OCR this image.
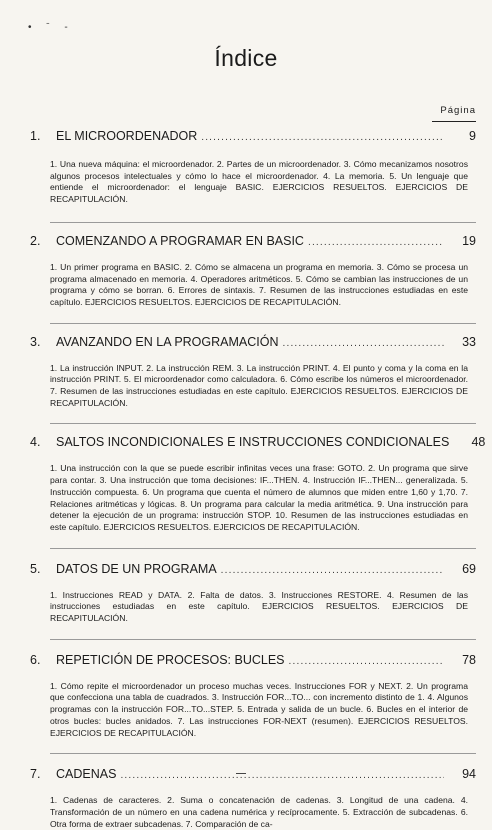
• ˉ -
Índice
Página
1.	EL MICROORDENADOR .....	9

1. Una nueva máquina: el microordenador. 2. Partes de un microordenador. 3. Cómo mecanizamos nosotros algunos procesos intelectuales y cómo lo hace el microordenador. 4. La memoria. 5. Un lenguaje que entiende el microordenador: el lenguaje BASIC. EJERCICIOS RESUELTOS. EJERCICIOS DE RECAPITULACIÓN.

2.	COMENZANDO A PROGRAMAR EN BASIC .....	19

1. Un primer programa en BASIC. 2. Cómo se almacena un programa en memoria. 3. Cómo se procesa un programa almacenado en memoria. 4. Operadores aritméticos. 5. Cómo se cambian las instrucciones de un programa y cómo se borran. 6. Errores de sintaxis. 7. Resumen de las instrucciones estudiadas en este capítulo. EJERCICIOS RESUELTOS. EJERCICIOS DE RECAPITULACIÓN.

3.	AVANZANDO EN LA PROGRAMACIÓN .....	33

1. La instrucción INPUT. 2. La instrucción REM. 3. La instrucción PRINT. 4. El punto y coma y la coma en la instrucción PRINT. 5. El microordenador como calculadora. 6. Cómo escribe los números el microordenador. 7. Resumen de las instrucciones estudiadas en este capítulo. EJERCICIOS RESUELTOS. EJERCICIOS DE RECAPITULACIÓN.

4.	SALTOS INCONDICIONALES E INSTRUCCIONES CONDICIONALES	48

1. Una instrucción con la que se puede escribir infinitas veces una frase: GOTO. 2. Un programa que sirve para contar. 3. Una instrucción que toma decisiones: IF...THEN. 4. Instrucción IF...THEN... generalizada. 5. Instrucción compuesta. 6. Un programa que cuenta el número de alumnos que miden entre 1,60 y 1,70. 7. Relaciones aritméticas y lógicas. 8. Un programa para calcular la media aritmética. 9. Una instrucción para detener la ejecución de un programa: instrucción STOP. 10. Resumen de las instrucciones estudiadas en este capítulo. EJERCICIOS RESUELTOS. EJERCICIOS DE RECAPITULACIÓN.

5.	DATOS DE UN PROGRAMA .....	69

1. Instrucciones READ y DATA. 2. Falta de datos. 3. Instrucciones RESTORE. 4. Resumen de las instrucciones estudiadas en este capítulo. EJERCICIOS RESUELTOS. EJERCICIOS DE RECAPITULACIÓN.

6.	REPETICIÓN DE PROCESOS: BUCLES .....	78

1. Cómo repite el microordenador un proceso muchas veces. Instrucciones FOR y NEXT. 2. Un programa que confecciona una tabla de cuadrados. 3. Instrucción FOR...TO... con incremento distinto de 1. 4. Algunos programas con la instrucción FOR...TO...STEP. 5. Entrada y salida de un bucle. 6. Bucles en el interior de otros bucles: bucles anidados. 7. Las instrucciones FOR-NEXT (resumen). EJERCICIOS RESUELTOS. EJERCICIOS DE RECAPITULACIÓN.

7.	CADENAS .....	94

1. Cadenas de caracteres. 2. Suma o concatenación de cadenas. 3. Longitud de una cadena. 4. Transformación de un número en una cadena numérica y recíprocamente. 5. Extracción de subcadenas. 6. Otra forma de extraer subcadenas. 7. Comparación de ca-
